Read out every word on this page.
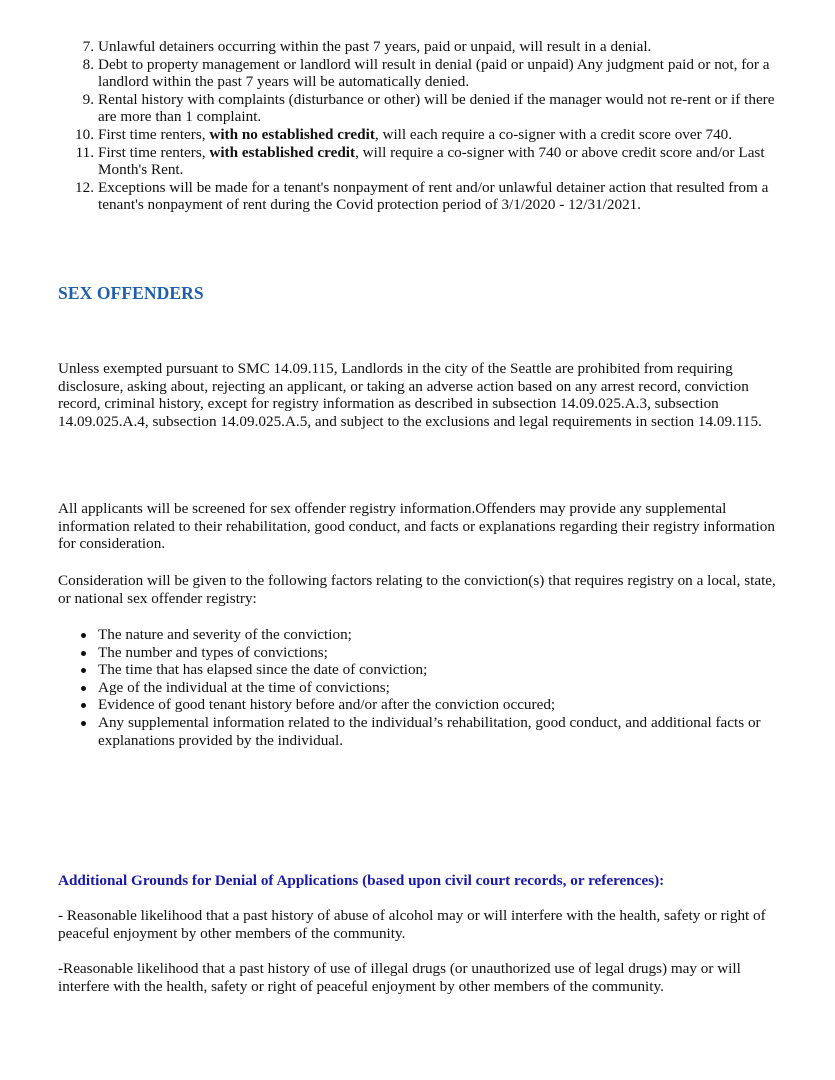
7. Unlawful detainers occurring within the past 7 years, paid or unpaid, will result in a denial.
8. Debt to property management or landlord will result in denial (paid or unpaid) Any judgment paid or not, for a landlord within the past 7 years will be automatically denied.
9. Rental history with complaints (disturbance or other) will be denied if the manager would not re-rent or if there are more than 1 complaint.
10. First time renters, with no established credit, will each require a co-signer with a credit score over 740.
11. First time renters, with established credit, will require a co-signer with 740 or above credit score and/or Last Month's Rent.
12. Exceptions will be made for a tenant's nonpayment of rent and/or unlawful detainer action that resulted from a tenant's nonpayment of rent during the Covid protection period of 3/1/2020 - 12/31/2021.
SEX OFFENDERS

Unless exempted pursuant to SMC 14.09.115, Landlords in the city of the Seattle are prohibited from requiring disclosure, asking about, rejecting an applicant, or taking an adverse action based on any arrest record, conviction record, criminal history, except for registry information as described in subsection 14.09.025.A.3, subsection 14.09.025.A.4, subsection 14.09.025.A.5, and subject to the exclusions and legal requirements in section 14.09.115.

All applicants will be screened for sex offender registry information.Offenders may provide any supplemental information related to their rehabilitation, good conduct, and facts or explanations regarding their registry information for consideration.

Consideration will be given to the following factors relating to the conviction(s) that requires registry on a local, state, or national sex offender registry:

The nature and severity of the conviction;
The number and types of convictions;
The time that has elapsed since the date of conviction;
Age of the individual at the time of convictions;
Evidence of good tenant history before and/or after the conviction occured;
Any supplemental information related to the individual’s rehabilitation, good conduct, and additional facts or explanations provided by the individual.
Additional Grounds for Denial of Applications (based upon civil court records, or references):

- Reasonable likelihood that a past history of abuse of alcohol may or will interfere with the health, safety or right of peaceful enjoyment by other members of the community.

-Reasonable likelihood that a past history of use of illegal drugs (or unauthorized use of legal drugs) may or will interfere with the health, safety or right of peaceful enjoyment by other members of the community.
